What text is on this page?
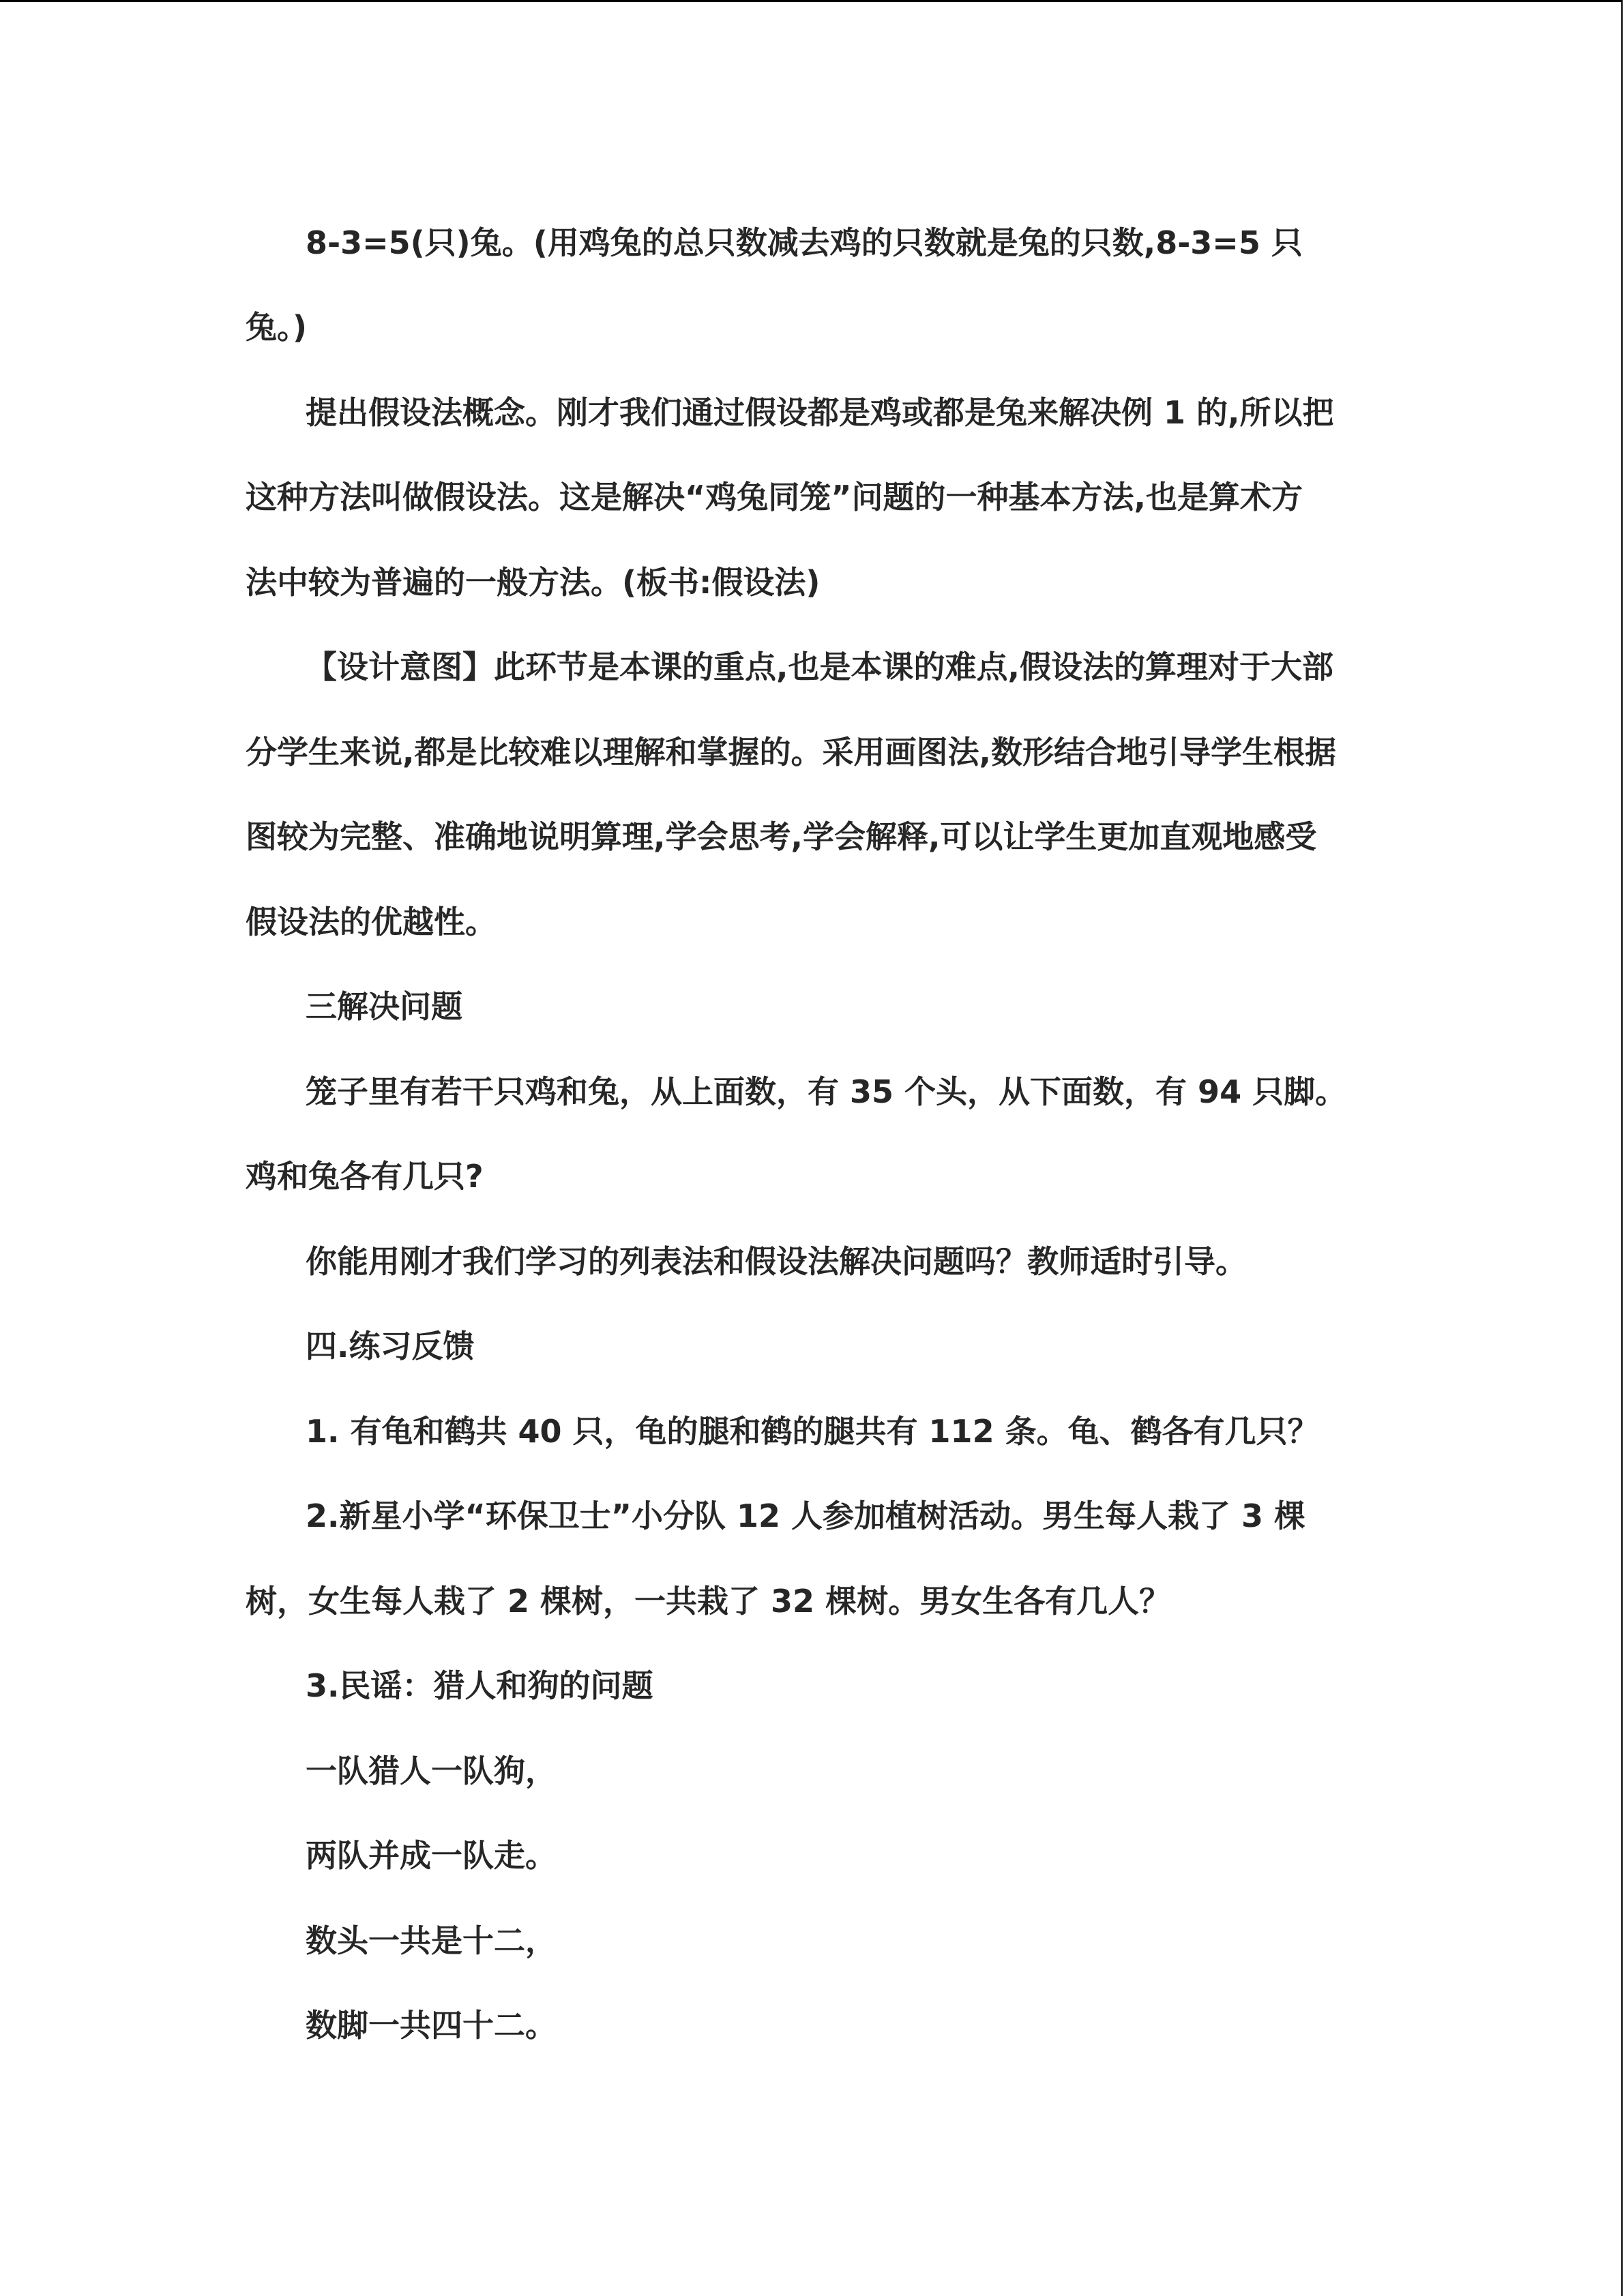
8-3=5(只)兔。(用鸡兔的总只数减去鸡的只数就是兔的只数,8-3=5 只

兔。)

提出假设法概念。刚才我们通过假设都是鸡或都是兔来解决例 1 的,所以把

这种方法叫做假设法。这是解决“鸡兔同笼”问题的一种基本方法,也是算术方

法中较为普遍的一般方法。(板书:假设法)

【设计意图】此环节是本课的重点,也是本课的难点,假设法的算理对于大部

分学生来说,都是比较难以理解和掌握的。采用画图法,数形结合地引导学生根据

图较为完整、准确地说明算理,学会思考,学会解释,可以让学生更加直观地感受

假设法的优越性。

三解决问题

笼子里有若干只鸡和兔，从上面数，有 35 个头，从下面数，有 94 只脚。

鸡和兔各有几只?

你能用刚才我们学习的列表法和假设法解决问题吗？教师适时引导。

四.练习反馈

1. 有龟和鹤共 40 只，龟的腿和鹤的腿共有 112 条。龟、鹤各有几只？

2.新星小学“环保卫士”小分队 12 人参加植树活动。男生每人栽了 3 棵

树，女生每人栽了 2 棵树，一共栽了 32 棵树。男女生各有几人？

3.民谣：猎人和狗的问题

一队猎人一队狗，

两队并成一队走。

数头一共是十二，

数脚一共四十二。
